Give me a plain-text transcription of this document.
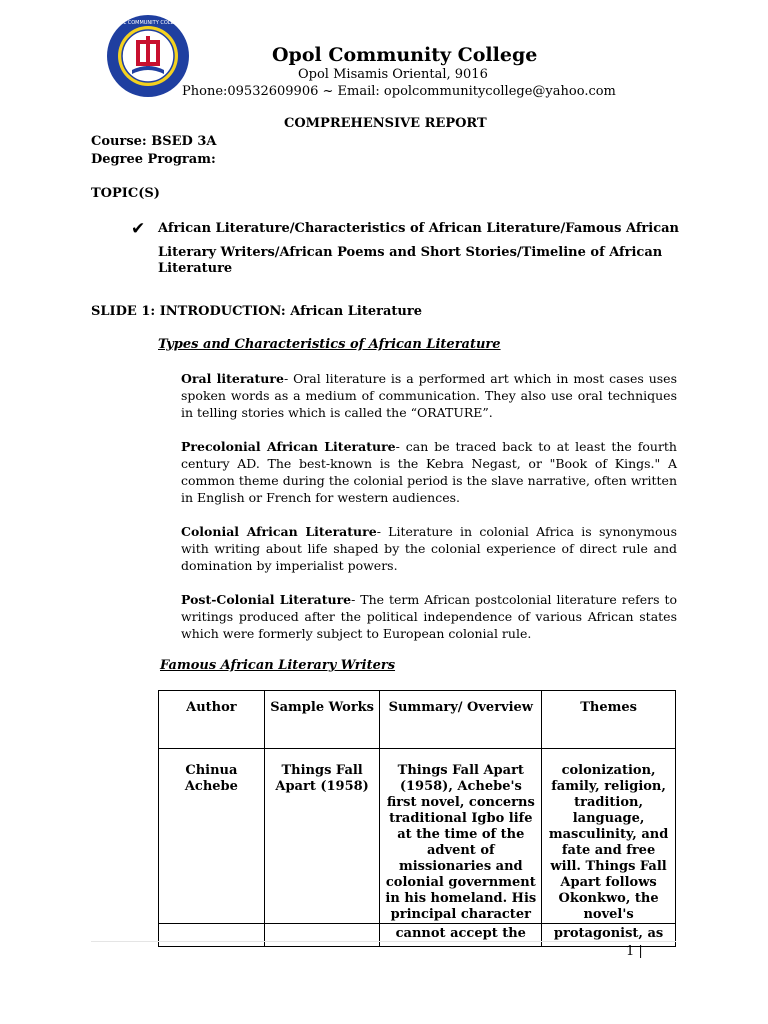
OPOL COMMUNITY COLLEGE
Opol Community College
Opol Misamis Oriental, 9016
Phone:09532609906 ~ Email: opolcommunitycollege@yahoo.com
COMPREHENSIVE REPORT
Course: BSED 3A
Degree Program:
TOPIC(S)
✔ African Literature/Characteristics of African Literature/Famous African
Literary Writers/African Poems and Short Stories/Timeline of African Literature
SLIDE 1: INTRODUCTION: African Literature
Types and Characteristics of African Literature
Oral literature- Oral literature is a performed art which in most cases uses spoken words as a medium of communication. They also use oral techniques in telling stories which is called the “ORATURE”.
Precolonial African Literature- can be traced back to at least the fourth century AD. The best-known is the Kebra Negast, or "Book of Kings." A common theme during the colonial period is the slave narrative, often written in English or French for western audiences.
Colonial African Literature- Literature in colonial Africa is synonymous with writing about life shaped by the colonial experience of direct rule and domination by imperialist powers.
Post-Colonial Literature- The term African postcolonial literature refers to writings produced after the political independence of various African states which were formerly subject to European colonial rule.
Famous African Literary Writers
Author	Sample Works	Summary/ Overview	Themes
Chinua Achebe	Things Fall Apart (1958)	Things Fall Apart (1958), Achebe's first novel, concerns traditional Igbo life at the time of the advent of missionaries and colonial government in his homeland. His principal character	colonization, family, religion, tradition, language, masculinity, and fate and free will. Things Fall Apart follows Okonkwo, the novel's
		cannot accept the	protagonist, as
1 |
